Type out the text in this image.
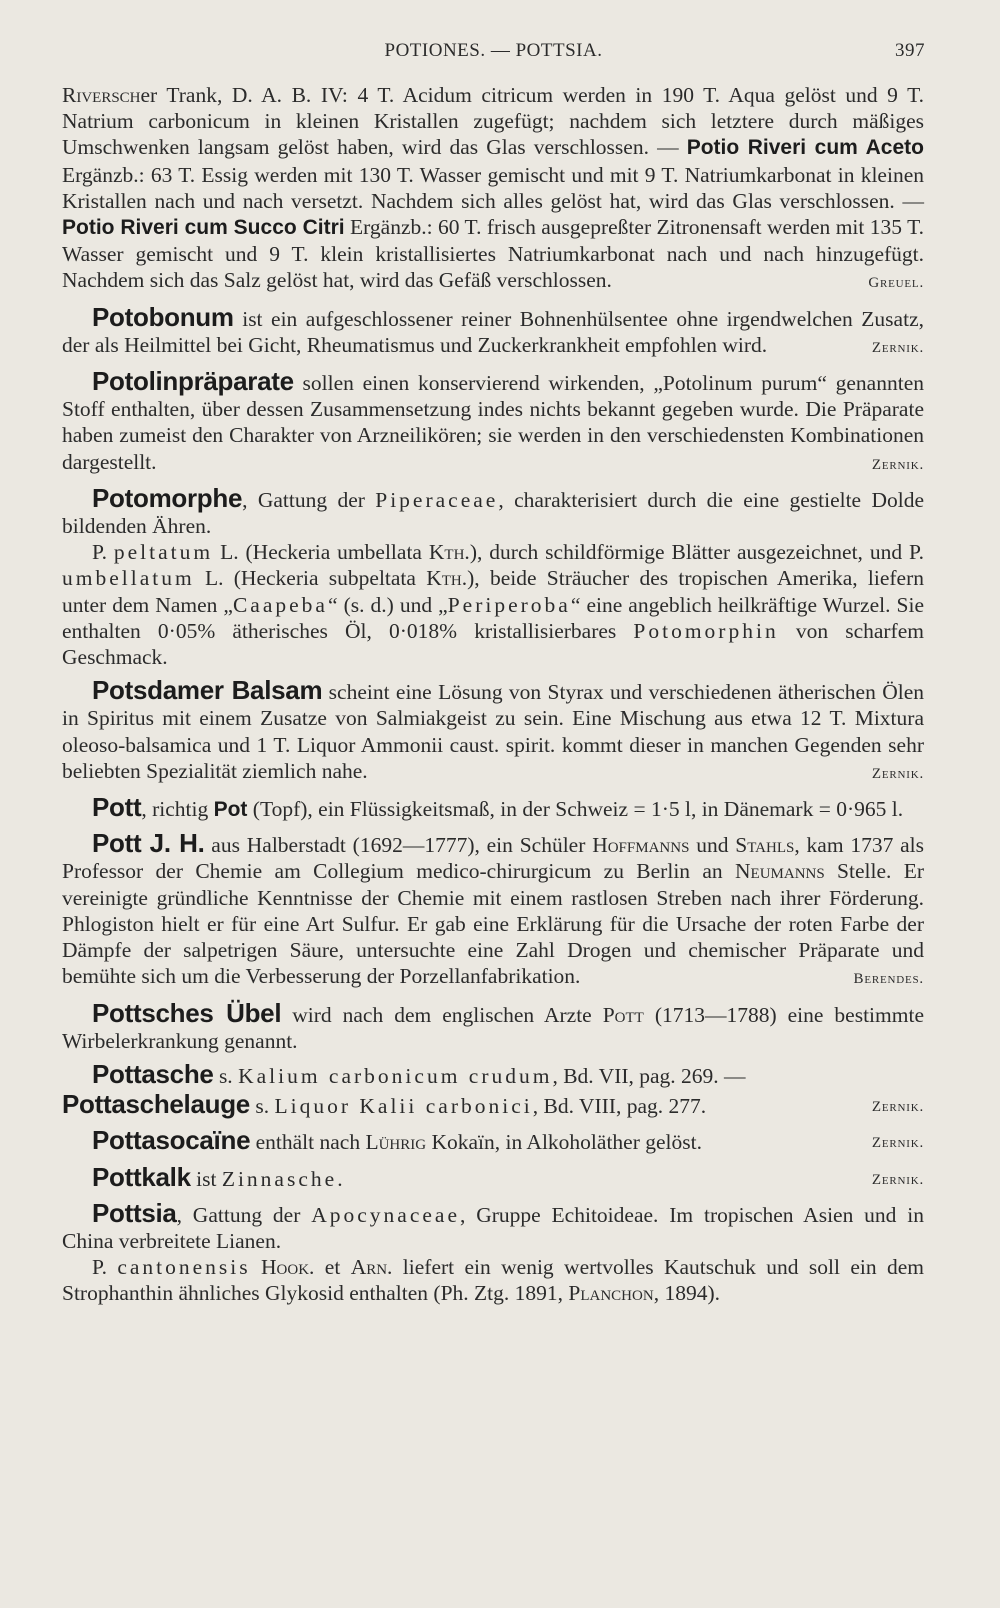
POTIONES. — POTTSIA.	397

Riverscher Trank, D. A. B. IV: 4 T. Acidum citricum werden in 190 T. Aqua gelöst und 9 T. Natrium carbonicum in kleinen Kristallen zugefügt; nachdem sich letztere durch mäßiges Umschwenken langsam gelöst haben, wird das Glas verschlossen. — Potio Riveri cum Aceto Ergänzb.: 63 T. Essig werden mit 130 T. Wasser gemischt und mit 9 T. Natriumkarbonat in kleinen Kristallen nach und nach versetzt. Nachdem sich alles gelöst hat, wird das Glas verschlossen. — Potio Riveri cum Succo Citri Ergänzb.: 60 T. frisch ausgepreßter Zitronensaft werden mit 135 T. Wasser gemischt und 9 T. klein kristallisiertes Natriumkarbonat nach und nach hinzugefügt. Nachdem sich das Salz gelöst hat, wird das Gefäß verschlossen.	Greuel.

Potobonum ist ein aufgeschlossener reiner Bohnenhülsentee ohne irgendwelchen Zusatz, der als Heilmittel bei Gicht, Rheumatismus und Zuckerkrankheit empfohlen wird.	Zernik.

Potolinpräparate sollen einen konservierend wirkenden, „Potolinum purum“ genannten Stoff enthalten, über dessen Zusammensetzung indes nichts bekannt gegeben wurde. Die Präparate haben zumeist den Charakter von Arzneilikören; sie werden in den verschiedensten Kombinationen dargestellt.	Zernik.

Potomorphe, Gattung der Piperaceae, charakterisiert durch die eine gestielte Dolde bildenden Ähren.

P. peltatum L. (Heckeria umbellata Kth.), durch schildförmige Blätter ausgezeichnet, und P. umbellatum L. (Heckeria subpeltata Kth.), beide Sträucher des tropischen Amerika, liefern unter dem Namen „Caapeba“ (s. d.) und „Periperoba“ eine angeblich heilkräftige Wurzel. Sie enthalten 0·05% ätherisches Öl, 0·018% kristallisierbares Potomorphin von scharfem Geschmack.

Potsdamer Balsam scheint eine Lösung von Styrax und verschiedenen ätherischen Ölen in Spiritus mit einem Zusatze von Salmiakgeist zu sein. Eine Mischung aus etwa 12 T. Mixtura oleoso-balsamica und 1 T. Liquor Ammonii caust. spirit. kommt dieser in manchen Gegenden sehr beliebten Spezialität ziemlich nahe.	Zernik.

Pott, richtig Pot (Topf), ein Flüssigkeitsmaß, in der Schweiz = 1·5 l, in Dänemark = 0·965 l.

Pott J. H. aus Halberstadt (1692—1777), ein Schüler Hoffmanns und Stahls, kam 1737 als Professor der Chemie am Collegium medico-chirurgicum zu Berlin an Neumanns Stelle. Er vereinigte gründliche Kenntnisse der Chemie mit einem rastlosen Streben nach ihrer Förderung. Phlogiston hielt er für eine Art Sulfur. Er gab eine Erklärung für die Ursache der roten Farbe der Dämpfe der salpetrigen Säure, untersuchte eine Zahl Drogen und chemischer Präparate und bemühte sich um die Verbesserung der Porzellanfabrikation.	Berendes.

Pottsches Übel wird nach dem englischen Arzte Pott (1713—1788) eine bestimmte Wirbelerkrankung genannt.

Pottasche s. Kalium carbonicum crudum, Bd. VII, pag. 269. —

Pottaschelauge s. Liquor Kalii carbonici, Bd. VIII, pag. 277.	Zernik.

Pottasocaïne enthält nach Lührig Kokaïn, in Alkoholäther gelöst.	Zernik.

Pottkalk ist Zinnasche.	Zernik.

Pottsia, Gattung der Apocynaceae, Gruppe Echitoideae. Im tropischen Asien und in China verbreitete Lianen.

P. cantonensis Hook. et Arn. liefert ein wenig wertvolles Kautschuk und soll ein dem Strophanthin ähnliches Glykosid enthalten (Ph. Ztg. 1891, Planchon, 1894).
